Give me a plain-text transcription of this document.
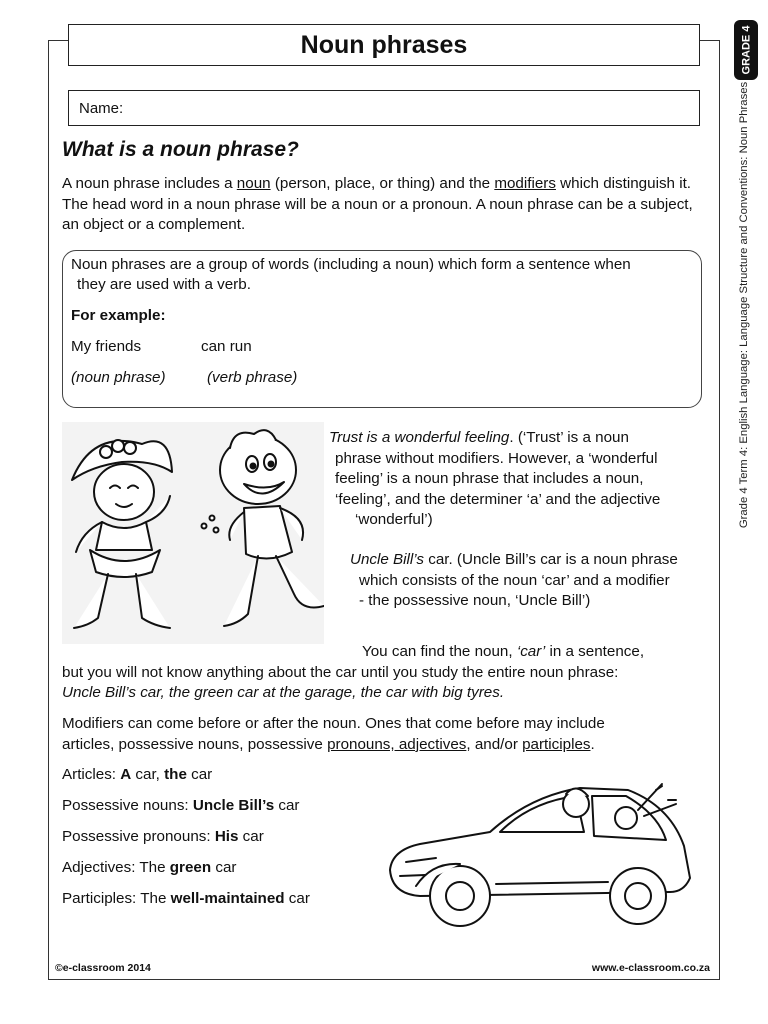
Noun phrases
Name:
GRADE 4
Grade 4 Term 4: English Language: Language Structure and Conventions: Noun Phrases
What is a noun phrase?

A noun phrase includes a noun (person, place, or thing) and the modifiers which distinguish it. The head word in a noun phrase will be a noun or a pronoun. A noun phrase can be a subject, an object or a complement.

Noun phrases are a group of words (including a noun) which form a sentence when
they are used with a verb.
For example:
My friends	can run
(noun phrase)	(verb phrase)
Trust is a wonderful feeling. (‘Trust’ is a noun
phrase without modifiers. However, a ‘wonderful
feeling’ is a noun phrase that includes a noun,
‘feeling’, and the determiner ‘a’ and the adjective
‘wonderful’)
Uncle Bill’s car. (Uncle Bill’s car is a noun phrase
which consists of the noun ‘car’ and a modifier
- the possessive noun, ‘Uncle Bill’)
You can find the noun, ‘car’ in a sentence,
but you will not know anything about the car until you study the entire noun phrase:
Uncle Bill’s car, the green car at the garage, the car with big tyres.
Modifiers can come before or after the noun. Ones that come before may include
articles, possessive nouns, possessive pronouns, adjectives, and/or participles.
Articles: A car, the car
Possessive nouns: Uncle Bill’s car
Possessive pronouns: His car
Adjectives: The green car
Participles: The well-maintained car
©e-classroom 2014	www.e-classroom.co.za
